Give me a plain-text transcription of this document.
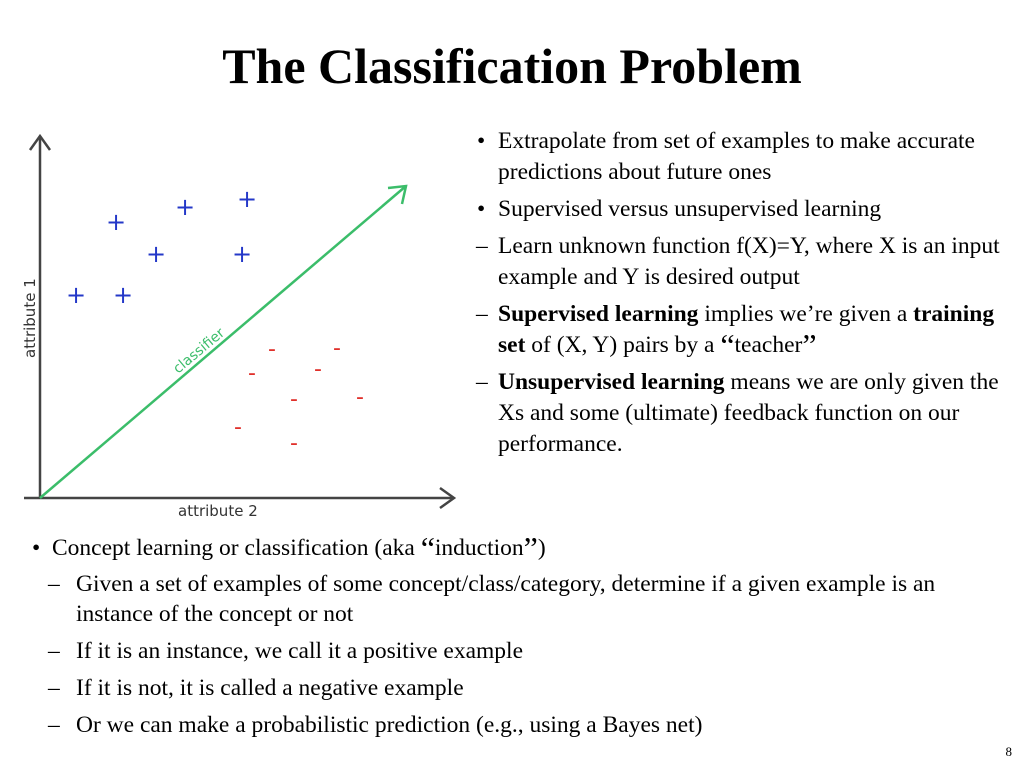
The Classification Problem
classifier
attribute 2
attribute 1
+
+
+
+	+
+ +
-	-
-	-
-	-
-
-
• Extrapolate from set of examples to make accurate predictions about future ones
• Supervised versus unsupervised learning
– Learn unknown function f(X)=Y, where X is an input example and Y is desired output
– Supervised learning implies we’re given a training set of (X, Y) pairs by a “teacher”
– Unsupervised learning means we are only given the Xs and some (ultimate) feedback function on our performance.
• Concept learning or classification (aka “induction”)
– Given a set of examples of some concept/class/category, determine if a given example is an instance of the concept or not
– If it is an instance, we call it a positive example
– If it is not, it is called a negative example
– Or we can make a probabilistic prediction (e.g., using a Bayes net)
8
